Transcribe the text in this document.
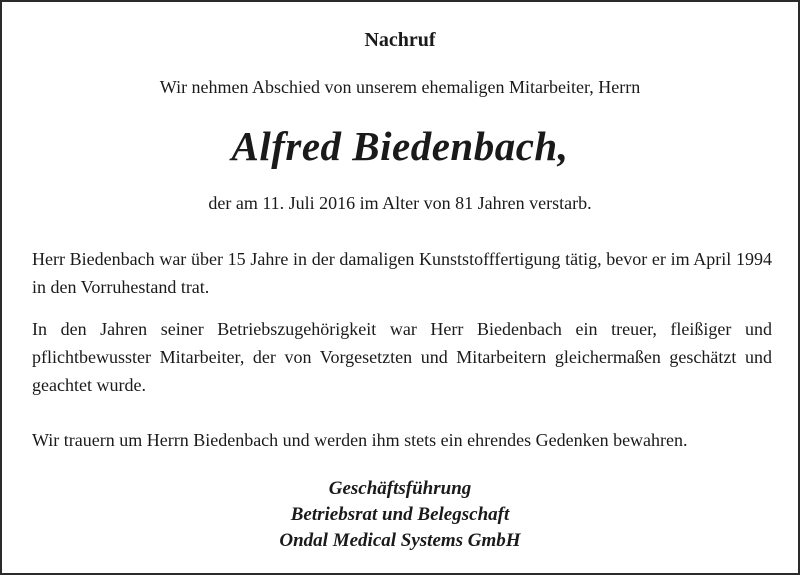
Nachruf
Wir nehmen Abschied von unserem ehemaligen Mitarbeiter, Herrn
Alfred Biedenbach,
der am 11. Juli 2016 im Alter von 81 Jahren verstarb.

Herr Biedenbach war über 15 Jahre in der damaligen Kunststofffertigung tätig, bevor er im April 1994 in den Vorruhestand trat.

In den Jahren seiner Betriebszugehörigkeit war Herr Biedenbach ein treuer, fleißiger und pflichtbewusster Mitarbeiter, der von Vorgesetzten und Mitarbeitern gleichermaßen geschätzt und geachtet wurde.

Wir trauern um Herrn Biedenbach und werden ihm stets ein ehrendes Gedenken bewahren.

Geschäftsführung
Betriebsrat und Belegschaft
Ondal Medical Systems GmbH
